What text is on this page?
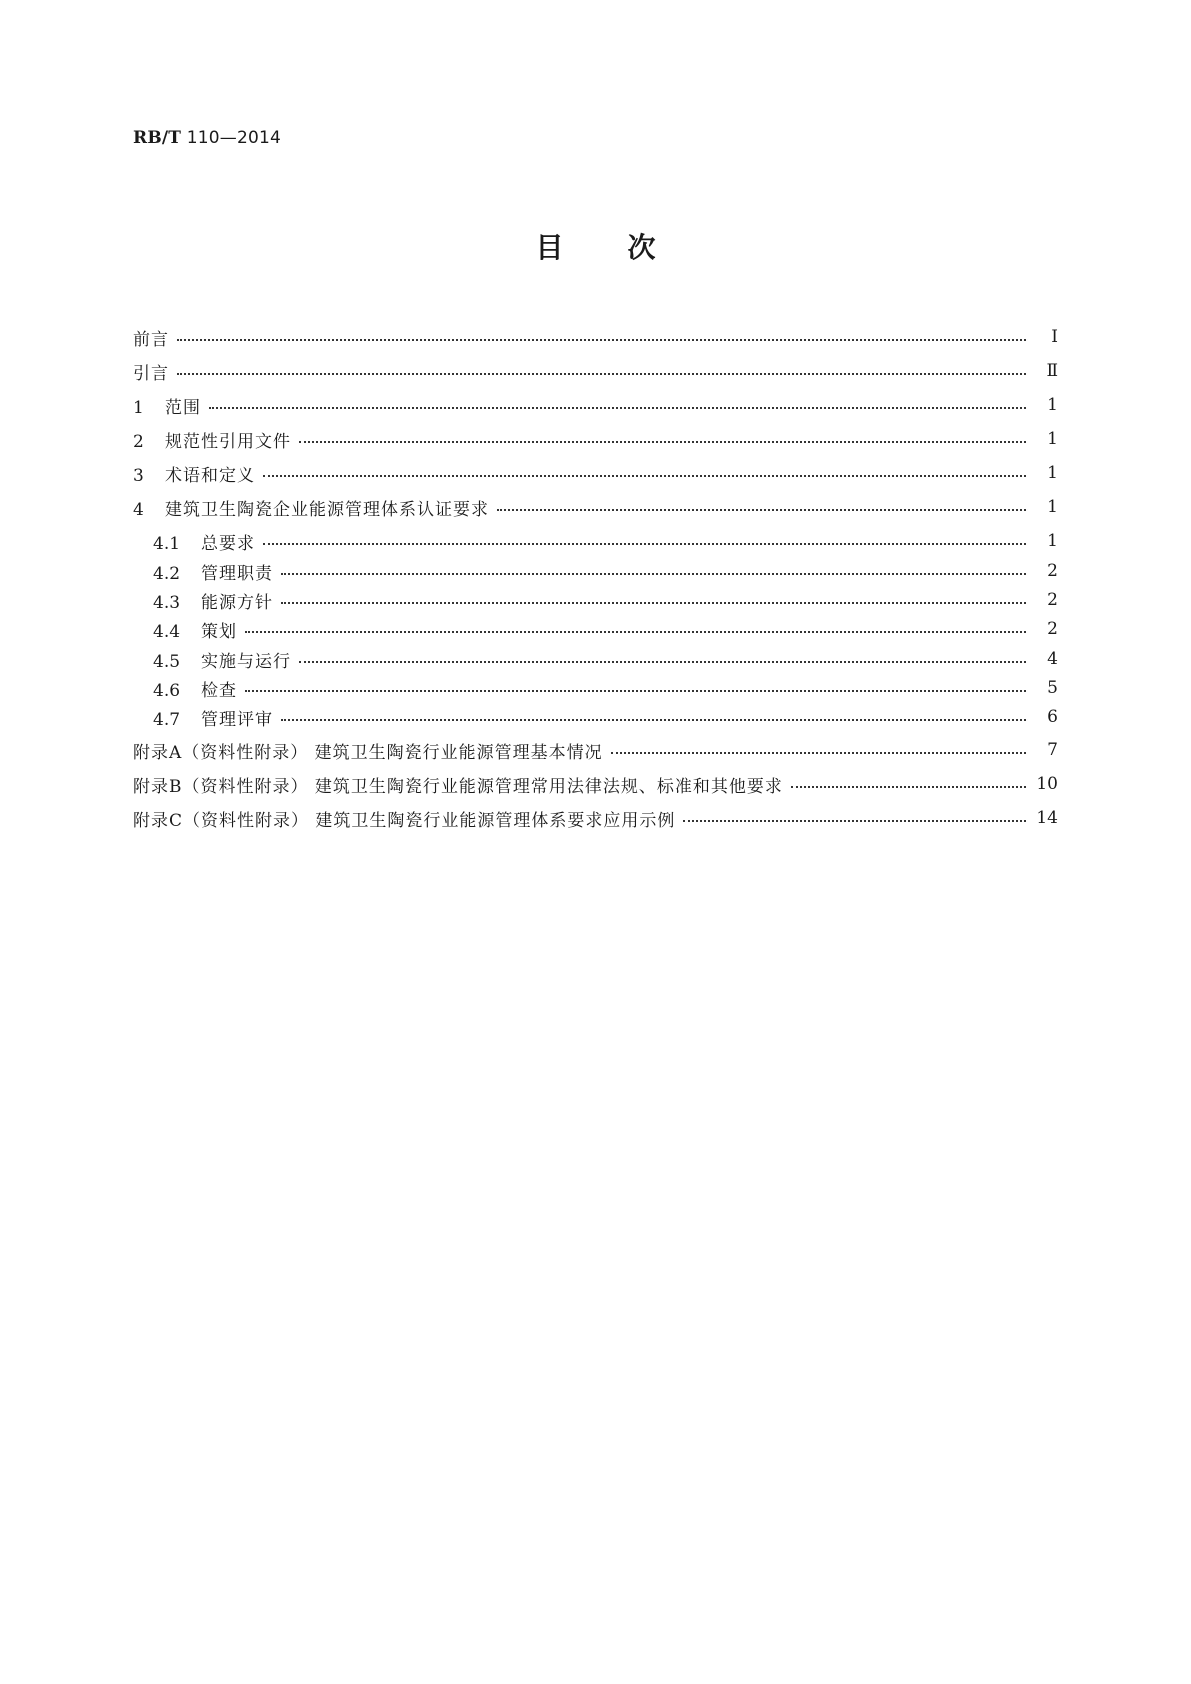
RB/T 110—2014
目次
前言	Ⅰ
引言	Ⅱ
1 范围	1
2 规范性引用文件	1
3 术语和定义	1
4 建筑卫生陶瓷企业能源管理体系认证要求	1
4.1 总要求	1
4.2 管理职责	2
4.3 能源方针	2
4.4 策划	2
4.5 实施与运行	4
4.6 检查	5
4.7 管理评审	6
附录A（资料性附录） 建筑卫生陶瓷行业能源管理基本情况	7
附录B（资料性附录） 建筑卫生陶瓷行业能源管理常用法律法规、标准和其他要求	10
附录C（资料性附录） 建筑卫生陶瓷行业能源管理体系要求应用示例	14
